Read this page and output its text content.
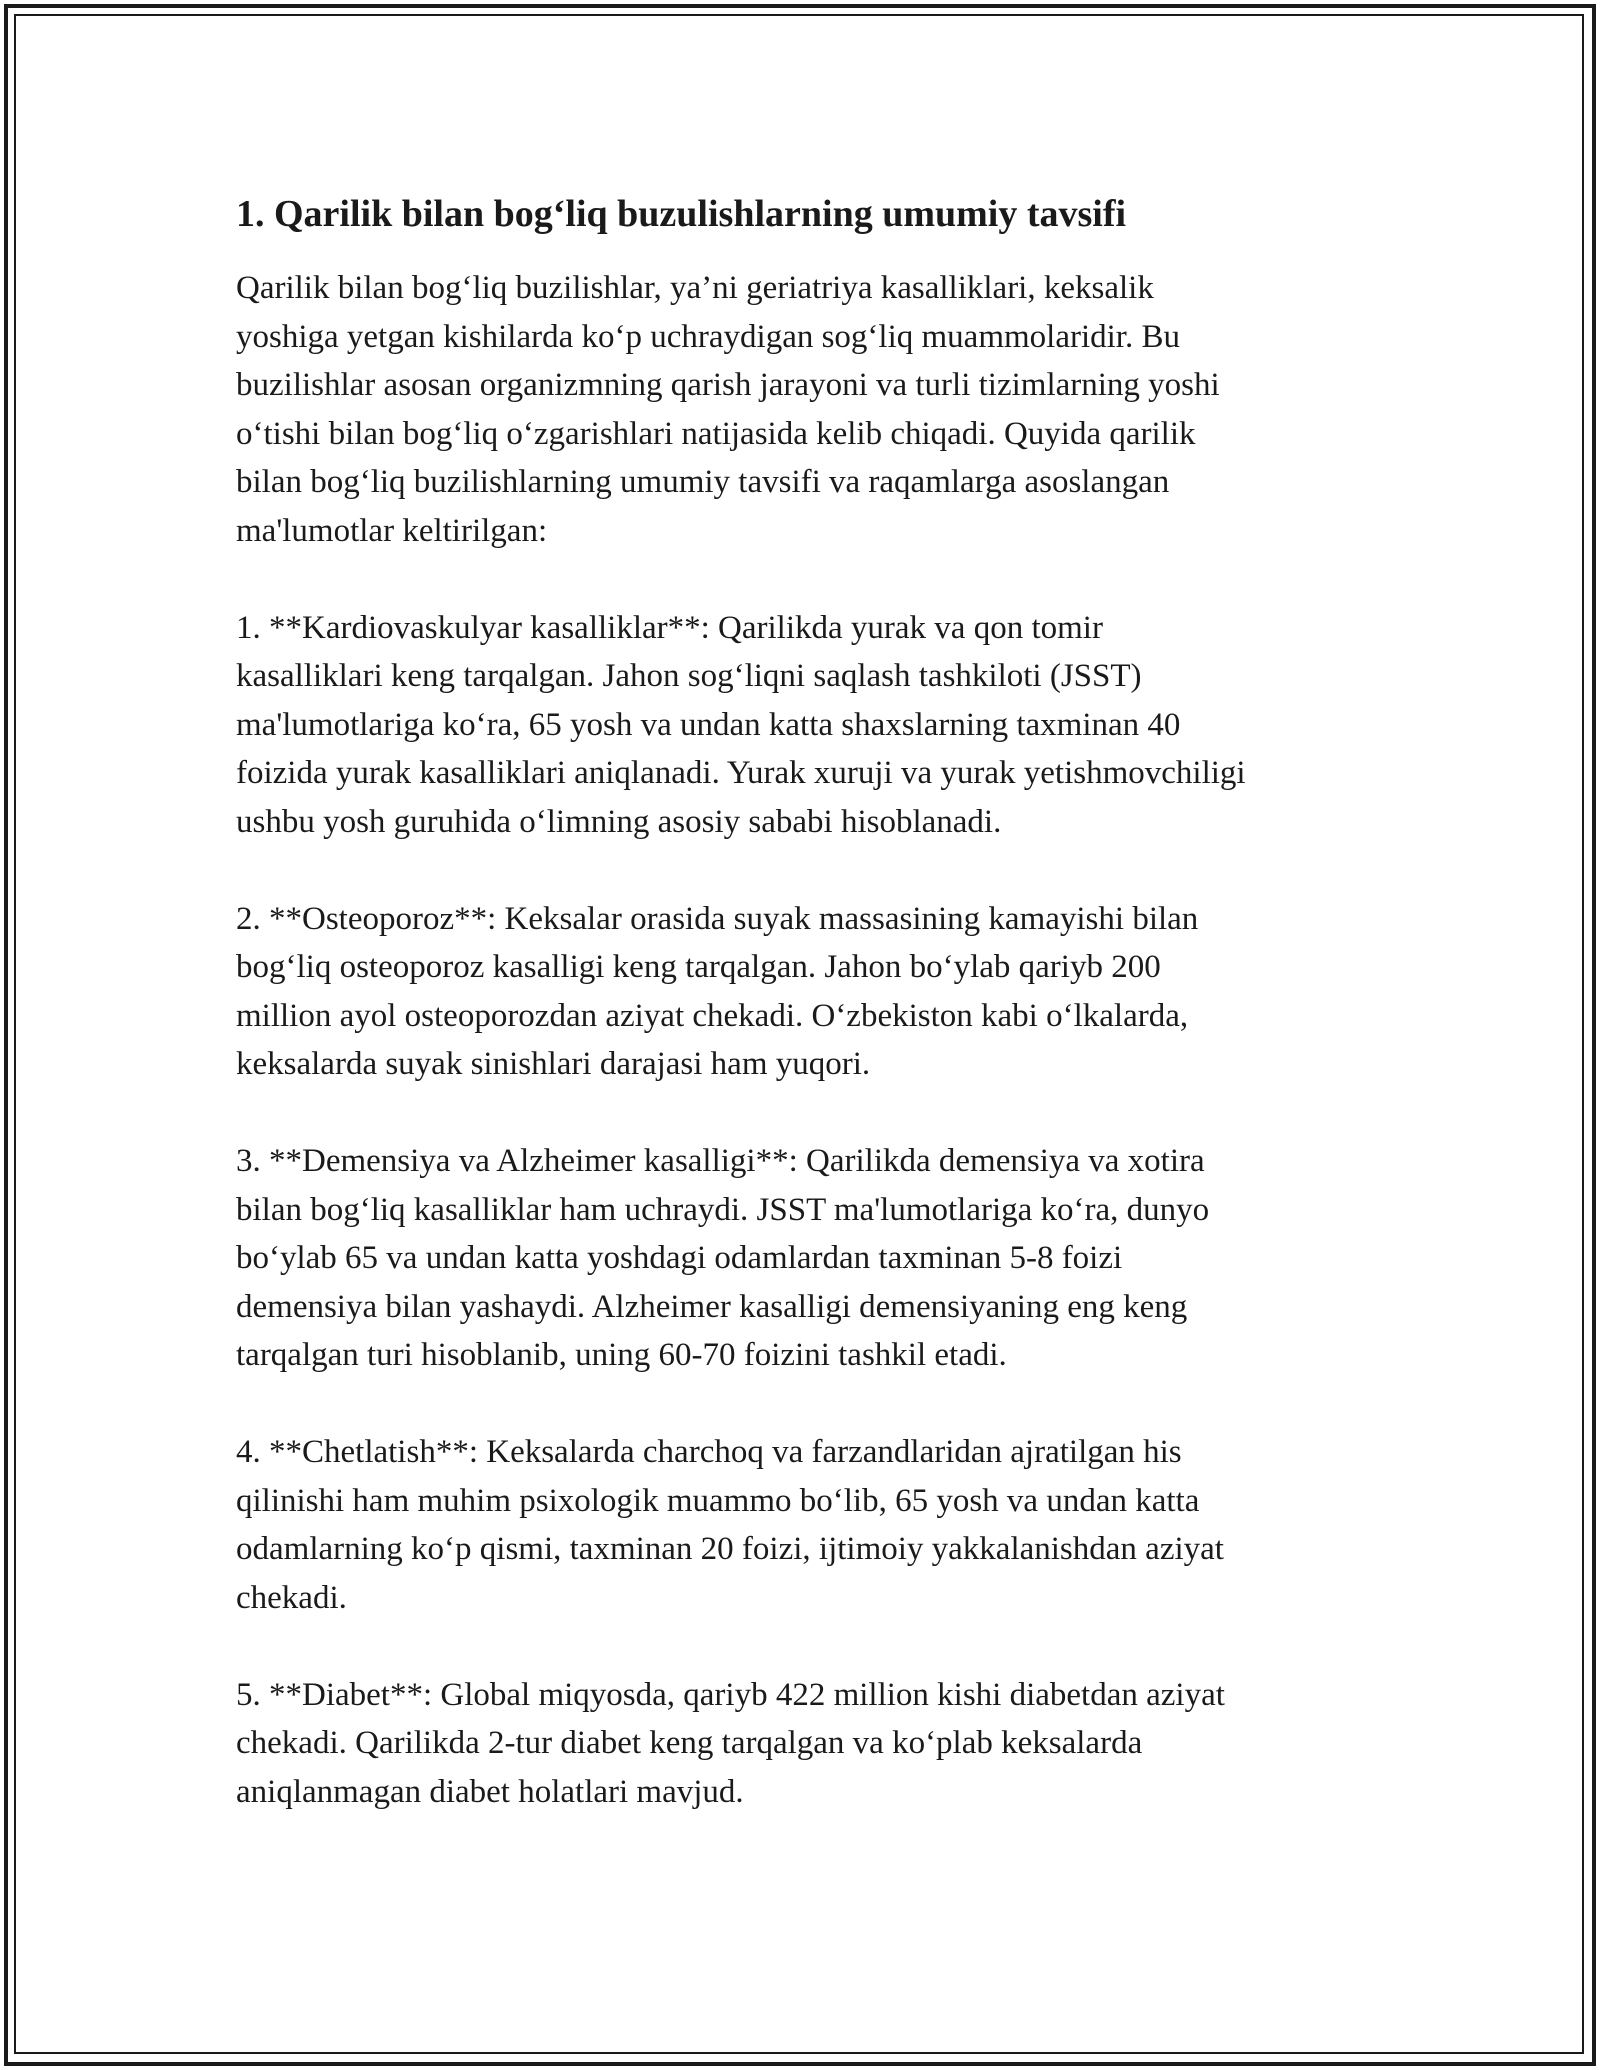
1. Qarilik bilan bog‘liq buzulishlarning umumiy tavsifi
Qarilik bilan bog‘liq buzilishlar, ya’ni geriatriya kasalliklari, keksalik
yoshiga yetgan kishilarda ko‘p uchraydigan sog‘liq muammolaridir. Bu
buzilishlar asosan organizmning qarish jarayoni va turli tizimlarning yoshi
o‘tishi bilan bog‘liq o‘zgarishlari natijasida kelib chiqadi. Quyida qarilik
bilan bog‘liq buzilishlarning umumiy tavsifi va raqamlarga asoslangan
ma'lumotlar keltirilgan:
1. **Kardiovaskulyar kasalliklar**: Qarilikda yurak va qon tomir
kasalliklari keng tarqalgan. Jahon sog‘liqni saqlash tashkiloti (JSST)
ma'lumotlariga ko‘ra, 65 yosh va undan katta shaxslarning taxminan 40
foizida yurak kasalliklari aniqlanadi. Yurak xuruji va yurak yetishmovchiligi
ushbu yosh guruhida o‘limning asosiy sababi hisoblanadi.
2. **Osteoporoz**: Keksalar orasida suyak massasining kamayishi bilan
bog‘liq osteoporoz kasalligi keng tarqalgan. Jahon bo‘ylab qariyb 200
million ayol osteoporozdan aziyat chekadi. O‘zbekiston kabi o‘lkalarda,
keksalarda suyak sinishlari darajasi ham yuqori.
3. **Demensiya va Alzheimer kasalligi**: Qarilikda demensiya va xotira
bilan bog‘liq kasalliklar ham uchraydi. JSST ma'lumotlariga ko‘ra, dunyo
bo‘ylab 65 va undan katta yoshdagi odamlardan taxminan 5-8 foizi
demensiya bilan yashaydi. Alzheimer kasalligi demensiyaning eng keng
tarqalgan turi hisoblanib, uning 60-70 foizini tashkil etadi.
4. **Chetlatish**: Keksalarda charchoq va farzandlaridan ajratilgan his
qilinishi ham muhim psixologik muammo bo‘lib, 65 yosh va undan katta
odamlarning ko‘p qismi, taxminan 20 foizi, ijtimoiy yakkalanishdan aziyat
chekadi.
5. **Diabet**: Global miqyosda, qariyb 422 million kishi diabetdan aziyat
chekadi. Qarilikda 2-tur diabet keng tarqalgan va ko‘plab keksalarda
aniqlanmagan diabet holatlari mavjud.
